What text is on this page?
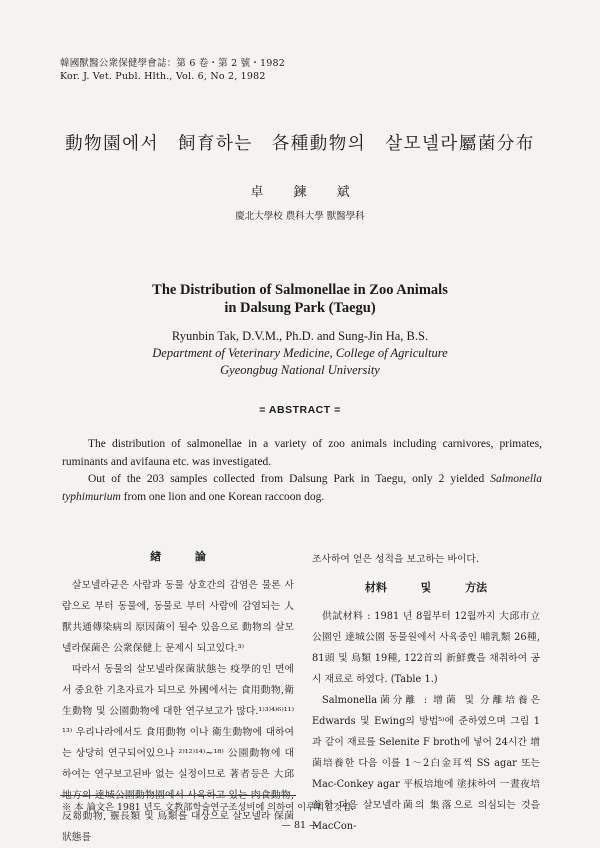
韓國獸醫公衆保健學會誌：第 6 卷・第 2 號・1982
Kor. J. Vet. Publ. Hlth., Vol. 6, No 2, 1982
動物園에서　飼育하는　各種動物의　살모넬라屬菌分布
卓 鍊 斌
慶北大學校 農科大學 獸醫學科
The Distribution of Salmonellae in Zoo Animals
in Dalsung Park (Taegu)
Ryunbin Tak, D.V.M., Ph.D. and Sung-Jin Ha, B.S.
Department of Veterinary Medicine, College of Agriculture
Gyeongbug National University
= ABSTRACT =

The distribution of salmonellae in a variety of zoo animals including carnivores, primates, ruminants and avifauna etc. was investigated.

Out of the 203 samples collected from Dalsung Park in Taegu, only 2 yielded Salmonella typhimurium from one lion and one Korean raccoon dog.

緖 論

살모넬라균은 사람과 동물 상호간의 감염은 물론 사람으로 부터 동물에, 동물로 부터 사람에 감염되는 人獸共通傳染病의 原因菌이 될수 있음으로 動物의 살모넬라保菌은 公衆保健上 문제시 되고있다.³⁾

따라서 동물의 살모넬라保菌狀態는 疫學的인 면에서 중요한 기초자료가 되므로 外國에서는 食用動物,衛生動物 및 公園動物에 대한 연구보고가 많다.¹⁾³⁾⁴⁾⁶⁾¹¹⁾¹³⁾ 우리나라에서도 食用動物 이나 衛生動物에 대하여는 상당히 연구되어있으나 ²⁾¹²⁾¹⁴⁾~¹⁸⁾ 公園動物에 대하여는 연구보고된바 없는 실정이므로 著者등은 大邱地方의 達城公園動物園에서 사육하고 있는 肉食動物, 反芻動物, 靈長類 및 鳥類를 대상으로 살모넬라 保菌狀態를

조사하여 얻은 성적을 보고하는 바이다.

材料 및 方法

供試材料 : 1981 년 8월부터 12월까지 大邱市立公園인 達城公園 동물원에서 사육중인 哺乳類 26種, 81頭 및 鳥類 19種, 122首의 新鮮糞을 채취하여 공시 재료로 하였다. (Table 1.)

Salmonella菌分離 : 增菌 및 分離培養은 Edwards 및 Ewing의 방법⁵⁾에 준하였으며 그림 1과 같이 재료를 Selenite F broth에 넣어 24시간 增菌培養한 다음 이를 1～2白金耳씩 SS agar 또는 Mac-Conkey agar 平板培地에 塗抹하여 一晝夜培養한 다음 살모넬라菌의 集落으로 의심되는 것을 MacCon-

※ 本 論文은 1981 년도 文教部학술연구조성비에 의하여 이루워진것임.
— 81 —
